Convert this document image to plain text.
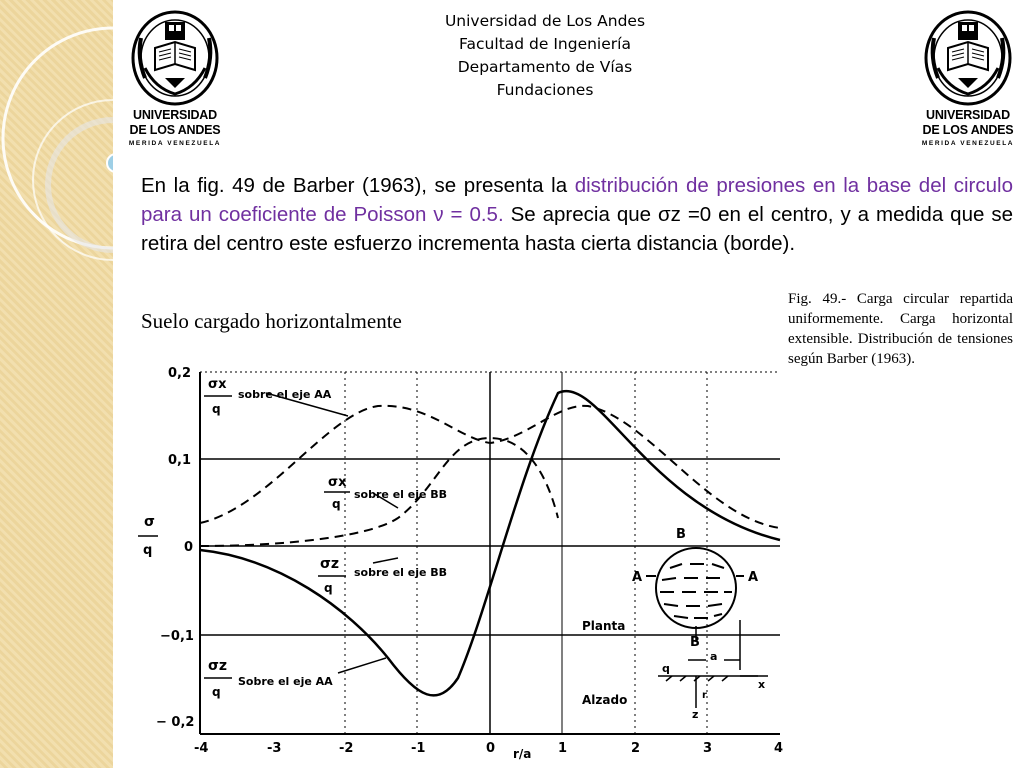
UNIVERSIDAD
DE LOS ANDES
MERIDA VENEZUELA
UNIVERSIDAD
DE LOS ANDES
MERIDA VENEZUELA
Universidad de Los Andes
Facultad de Ingeniería
Departamento de Vías
Fundaciones
En la fig. 49 de Barber (1963), se presenta la distribución de presiones en la base del circulo para un coeficiente de Poisson ν = 0.5. Se aprecia que σz =0 en el centro, y a medida que se retira del centro este esfuerzo incrementa hasta cierta distancia (borde).
Suelo cargado horizontalmente
Fig. 49.- Carga circular repartida uniformemente. Carga horizontal extensible. Distribución de tensiones según Barber (1963).
0,2
0,1
0
−0,1
− 0,2
-4	-3	-2	-1	0	1	2	3	4
r/a
σ
q
σx
q
sobre el eje AA
σx
q
sobre el eje BB
σz
q
sobre el eje BB
σz
q
Sobre el eje AA
B
A	A
Planta
B
a
q
x
r
z
Alzado
